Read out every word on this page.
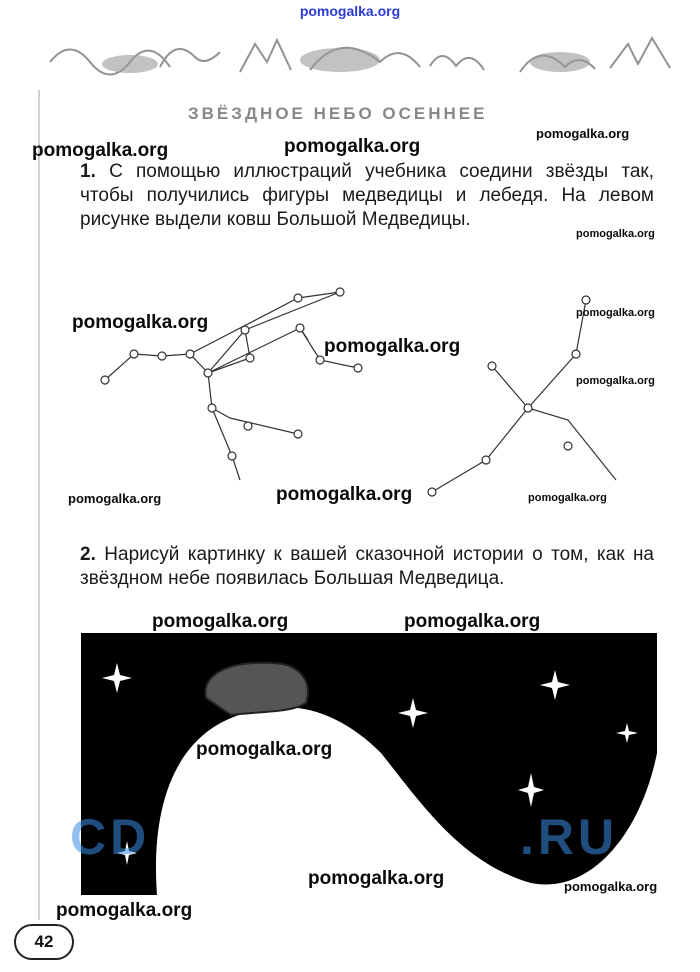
pomogalka.org
ЗВЁЗДНОЕ НЕБО ОСЕННЕЕ
1. С помощью иллюстраций учебника соедини звёзды так, чтобы получились фигуры медведицы и лебедя. На левом рисунке выдели ковш Большой Медведицы.
2. Нарисуй картинку к вашей сказочной истории о том, как на звёздном небе появилась Большая Медведица.
CD	.RU
pomogalka.org
pomogalka.org	pomogalka.org
pomogalka.org
pomogalka.org	pomogalka.org
pomogalka.org
pomogalka.org
pomogalka.org	pomogalka.org	pomogalka.org
pomogalka.org	pomogalka.org
pomogalka.org
pomogalka.org	pomogalka.org
pomogalka.org
42
